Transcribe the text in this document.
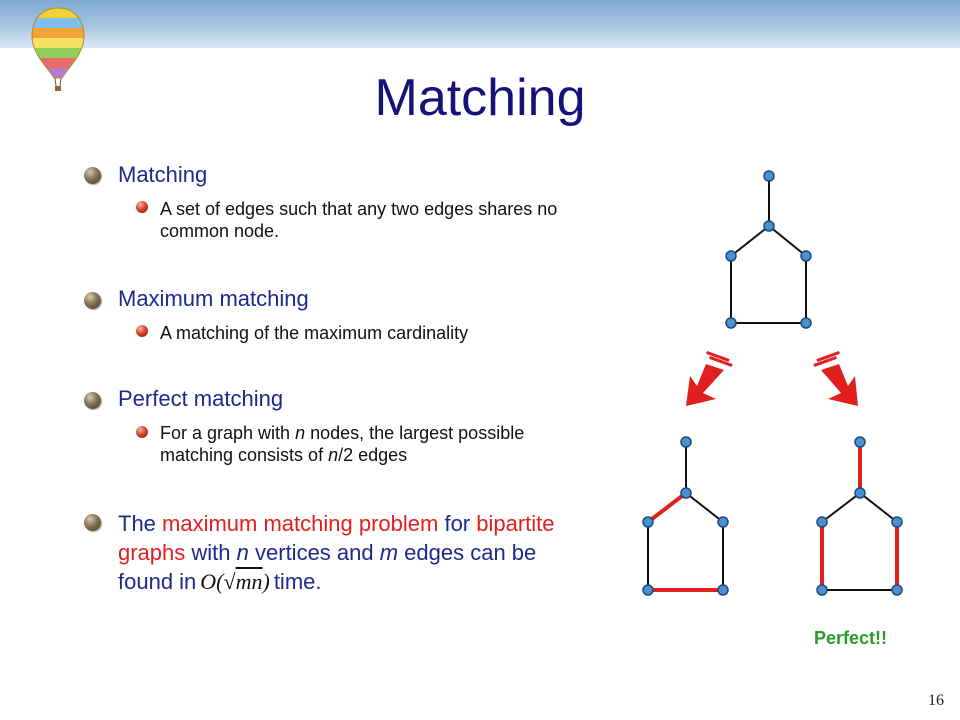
Matching
Matching
A set of edges such that any two edges shares no common node.
Maximum matching
A matching of the maximum cardinality
Perfect matching
For a graph with n nodes, the largest possible matching consists of n/2 edges
The maximum matching problem for bipartite graphs with n vertices and m edges can be found in O(√mn) time.
Perfect!!
16
